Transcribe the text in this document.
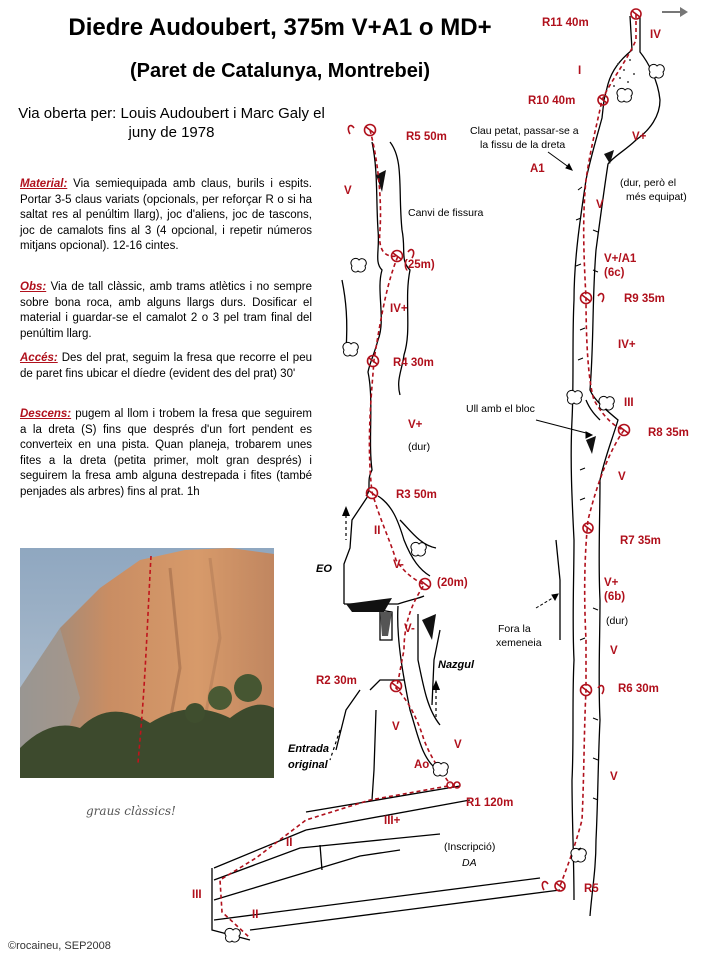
Diedre Audoubert, 375m V+A1 o MD+
(Paret de Catalunya, Montrebei)
Via oberta per: Louis Audoubert i Marc Galy el juny de 1978
Material: Via semiequipada amb claus, burils i espits. Portar 3-5 claus variats (opcionals, per reforçar R o si ha saltat res al penúltim llarg), joc d'aliens, joc de tascons, joc de camalots fins al 3 (4 opcional, i repetir números mitjans opcional). 12-16 cintes.
Obs: Via de tall clàssic, amb trams atlètics i no sempre sobre bona roca, amb alguns llargs durs. Dosificar el material i guardar-se el camalot 2 o 3 pel tram final del penúltim llarg.
Accés: Des del prat, seguim la fresa que recorre el peu de paret fins ubicar el díedre (evident des del prat) 30'
Descens: pugem al llom i trobem la fresa que seguirem a la dreta (S) fins que després d'un fort pendent es converteix en una pista. Quan planeja, trobarem unes fites a la dreta (petita primer, molt gran després) i seguirem la fresa amb alguna destrepada i fites (també penjades als arbres) fins al prat. 1h
graus clàssics!
©rocaineu, SEP2008
R5 50m
(25m)
R4 30m
R3 50m
(20m)
R2 30m
R1 120m
Ao
V
IV+
V+
(dur)
II
V-
V-
V
V
III+
II
III
II
Canvi de fissura
(Inscripció)
DA
EO
Nazgul
Entrada
original
R11 40m
R10 40m
R9 35m
R8 35m
R7 35m
R6 30m
R5
IV
I
V+
A1
V
V+/A1
(6c)
IV+
III
V
V+
(6b)
(dur)
V
V
Clau petat, passar-se a
la fissu de la dreta
(dur, però el
més equipat)
Ull amb el bloc
Fora la
xemeneia
